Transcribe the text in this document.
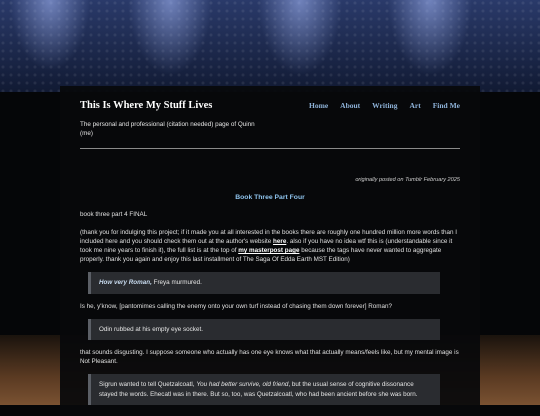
This Is Where My Stuff Lives	Home About Writing Art Find Me

The personal and professional (citation needed) page of Quinn (me)

originally posted on Tumblr February 2025

Book Three Part Four

book three part 4 FINAL

(thank you for indulging this project; if it made you at all interested in the books there are roughly one hundred million more words than I included here and you should check them out at the author's website here. also if you have no idea wtf this is (understandable since it took me nine years to finish it), the full list is at the top of my masterpost page because the tags have never wanted to aggregate properly. thank you again and enjoy this last installment of The Saga Of Edda Earth MST Edition)

How very Roman, Freya murmured.

Is he, y'know, [pantomimes calling the enemy onto your own turf instead of chasing them down forever] Roman?

Odin rubbed at his empty eye socket.

that sounds disgusting. I suppose someone who actually has one eye knows what that actually means/feels like, but my mental image is Not Pleasant.

Sigrun wanted to tell Quetzalcoatl, You had better survive, old friend, but the usual sense of cognitive dissonance stayed the words. Ehecatl was in there. But so, too, was Quetzalcoatl, who had been ancient before she was born.
